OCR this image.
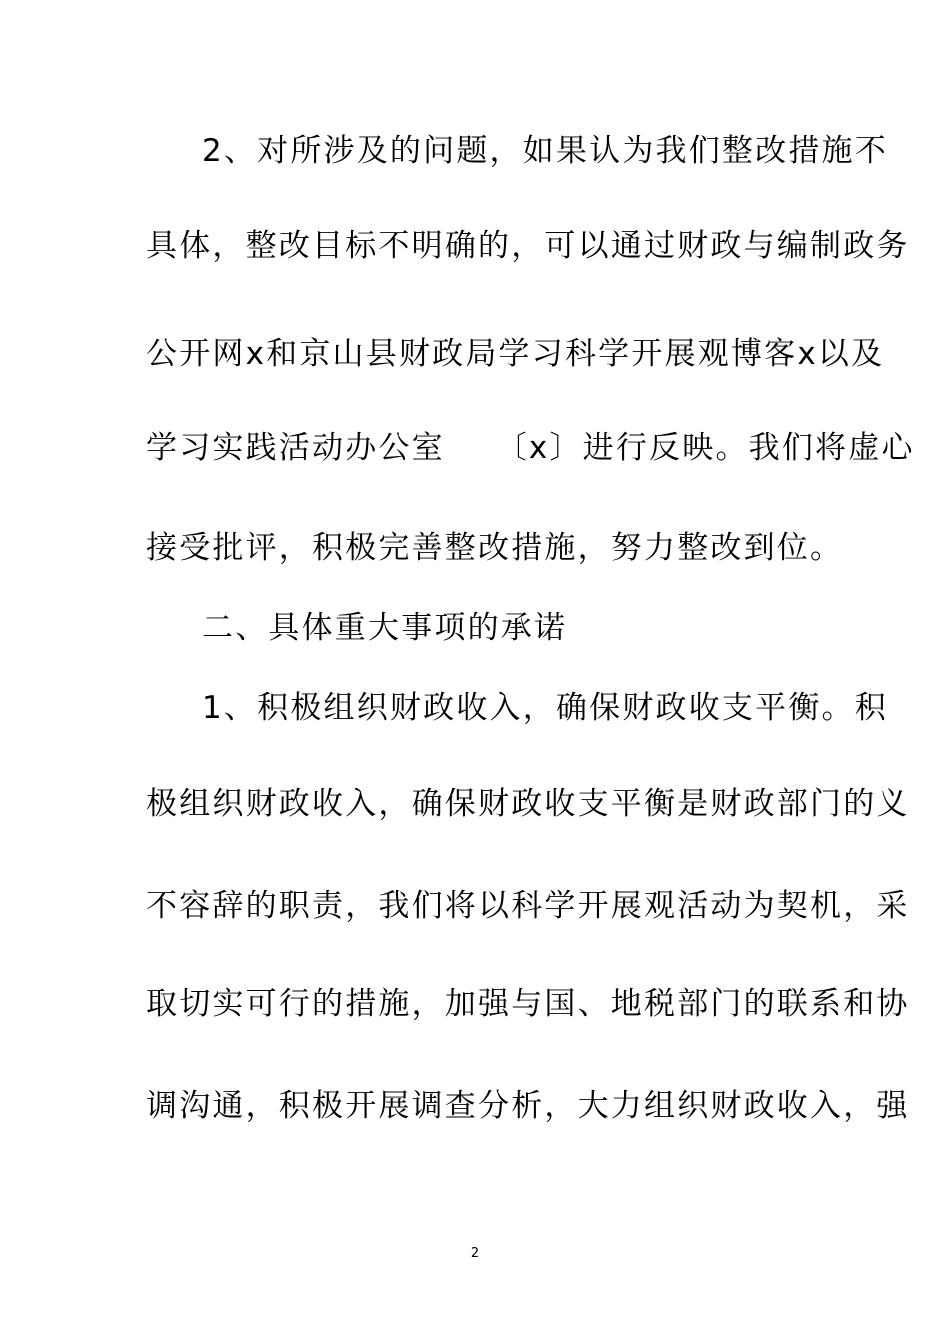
2、对所涉及的问题，如果认为我们整改措施不
具体，整改目标不明确的，可以通过财政与编制政务
公开网x和京山县财政局学习科学开展观博客x以及
学习实践活动办公室　　〔x〕进行反映。我们将虚心
接受批评，积极完善整改措施，努力整改到位。
二、具体重大事项的承诺
1、积极组织财政收入，确保财政收支平衡。积
极组织财政收入，确保财政收支平衡是财政部门的义
不容辞的职责，我们将以科学开展观活动为契机，采
取切实可行的措施，加强与国、地税部门的联系和协
调沟通，积极开展调查分析，大力组织财政收入，强
2
